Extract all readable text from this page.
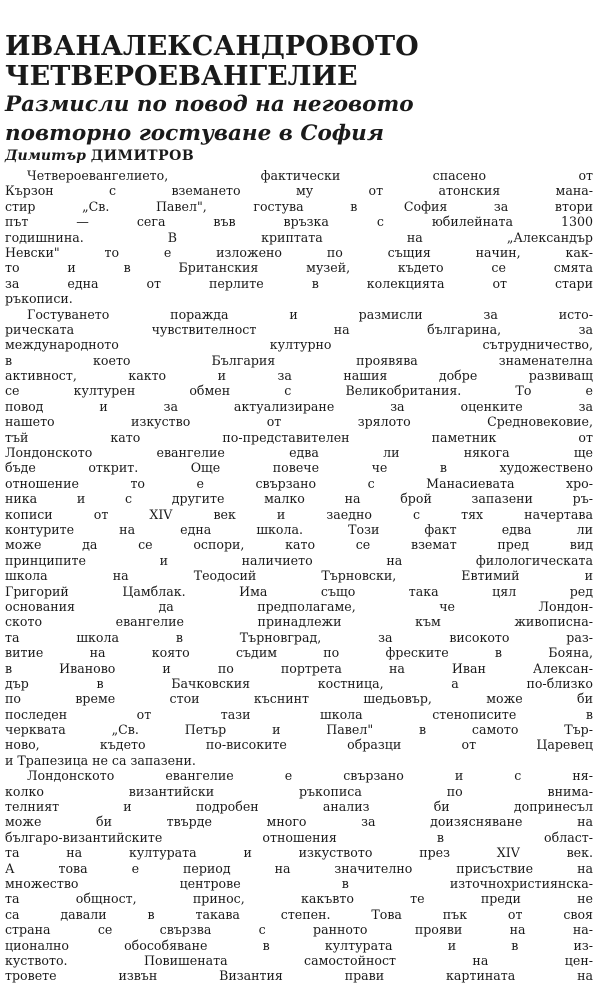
ИВАНАЛЕКСАНДРОВОТО
ЧЕТВЕРОЕВАНГЕЛИЕ
Размисли по повод на неговото
повторно гостуване в София
Димитър ДИМИТРОВ
Четвероевангелието, фактически спасено от
Кързон с вземането му от атонския мана-
стир „Св. Павел", гостува в София за втори
път — сега във връзка с юбилейната 1300
годишнина. В криптата на „Александър
Невски" то е изложено по същия начин, как-
то и в Британския музей, където се смята
за една от перлите в колекцията от стари
ръкописи.
Гостуването поражда и размисли за исто-
рическата чувствителност на българина, за
международното културно сътрудничество,
в което България проявява знаменателна
активност, както и за нашия добре развиващ
се културен обмен с Великобритания. То е
повод и за актуализиране за оценките за
нашето изкуство от зрялото Средновековие,
тъй като по-представителен паметник от
Лондонското евангелие едва ли някога ще
бъде открит. Още повече че в художествено
отношение то е свързано с Манасиевата хро-
ника и с другите малко на брой запазени ръ-
кописи от XIV век и заедно с тях начертава
контурите на една школа. Този факт едва ли
може да се оспори, като се вземат пред вид
принципите и наличието на филологическата
школа на Теодосий Търновски, Евтимий и
Григорий Цамблак. Има също така цял ред
основания да предполагаме, че Лондон-
ското евангелие принадлежи към живописна-
та школа в Търновград, за високото раз-
витие на която съдим по фреските в Бояна,
в Ивановo и по портрета на Иван Алексан-
дър в Бачковския костница, а по-близко
по време стои къснинт шедьовър, може би
последен от тази школа стенописите в
черквата „Св. Петър и Павел" в самото Тър-
ново, където по-високите образци от Царевец
и Трапезица не са запазени.
Лондонското евангелие е свързано и с ня-
колко византийски ръкописа по внима-
телният и подробен анализ би допринесъл
може би твърде много за доизясняване на
българо-византийските отношения в област-
та на културата и изкуството през XIV век.
А това е период на значително присъствие на
множество центрове в източнохристиянска-
та общност, принос, какъвто те преди не
са давали в такава степен. Това пък от своя
страна се свързва с ранното прояви на на-
ционално обособяване в културата и в из-
куството. Повишената самостойност на цен-
тровете извън Византия прави картината на
